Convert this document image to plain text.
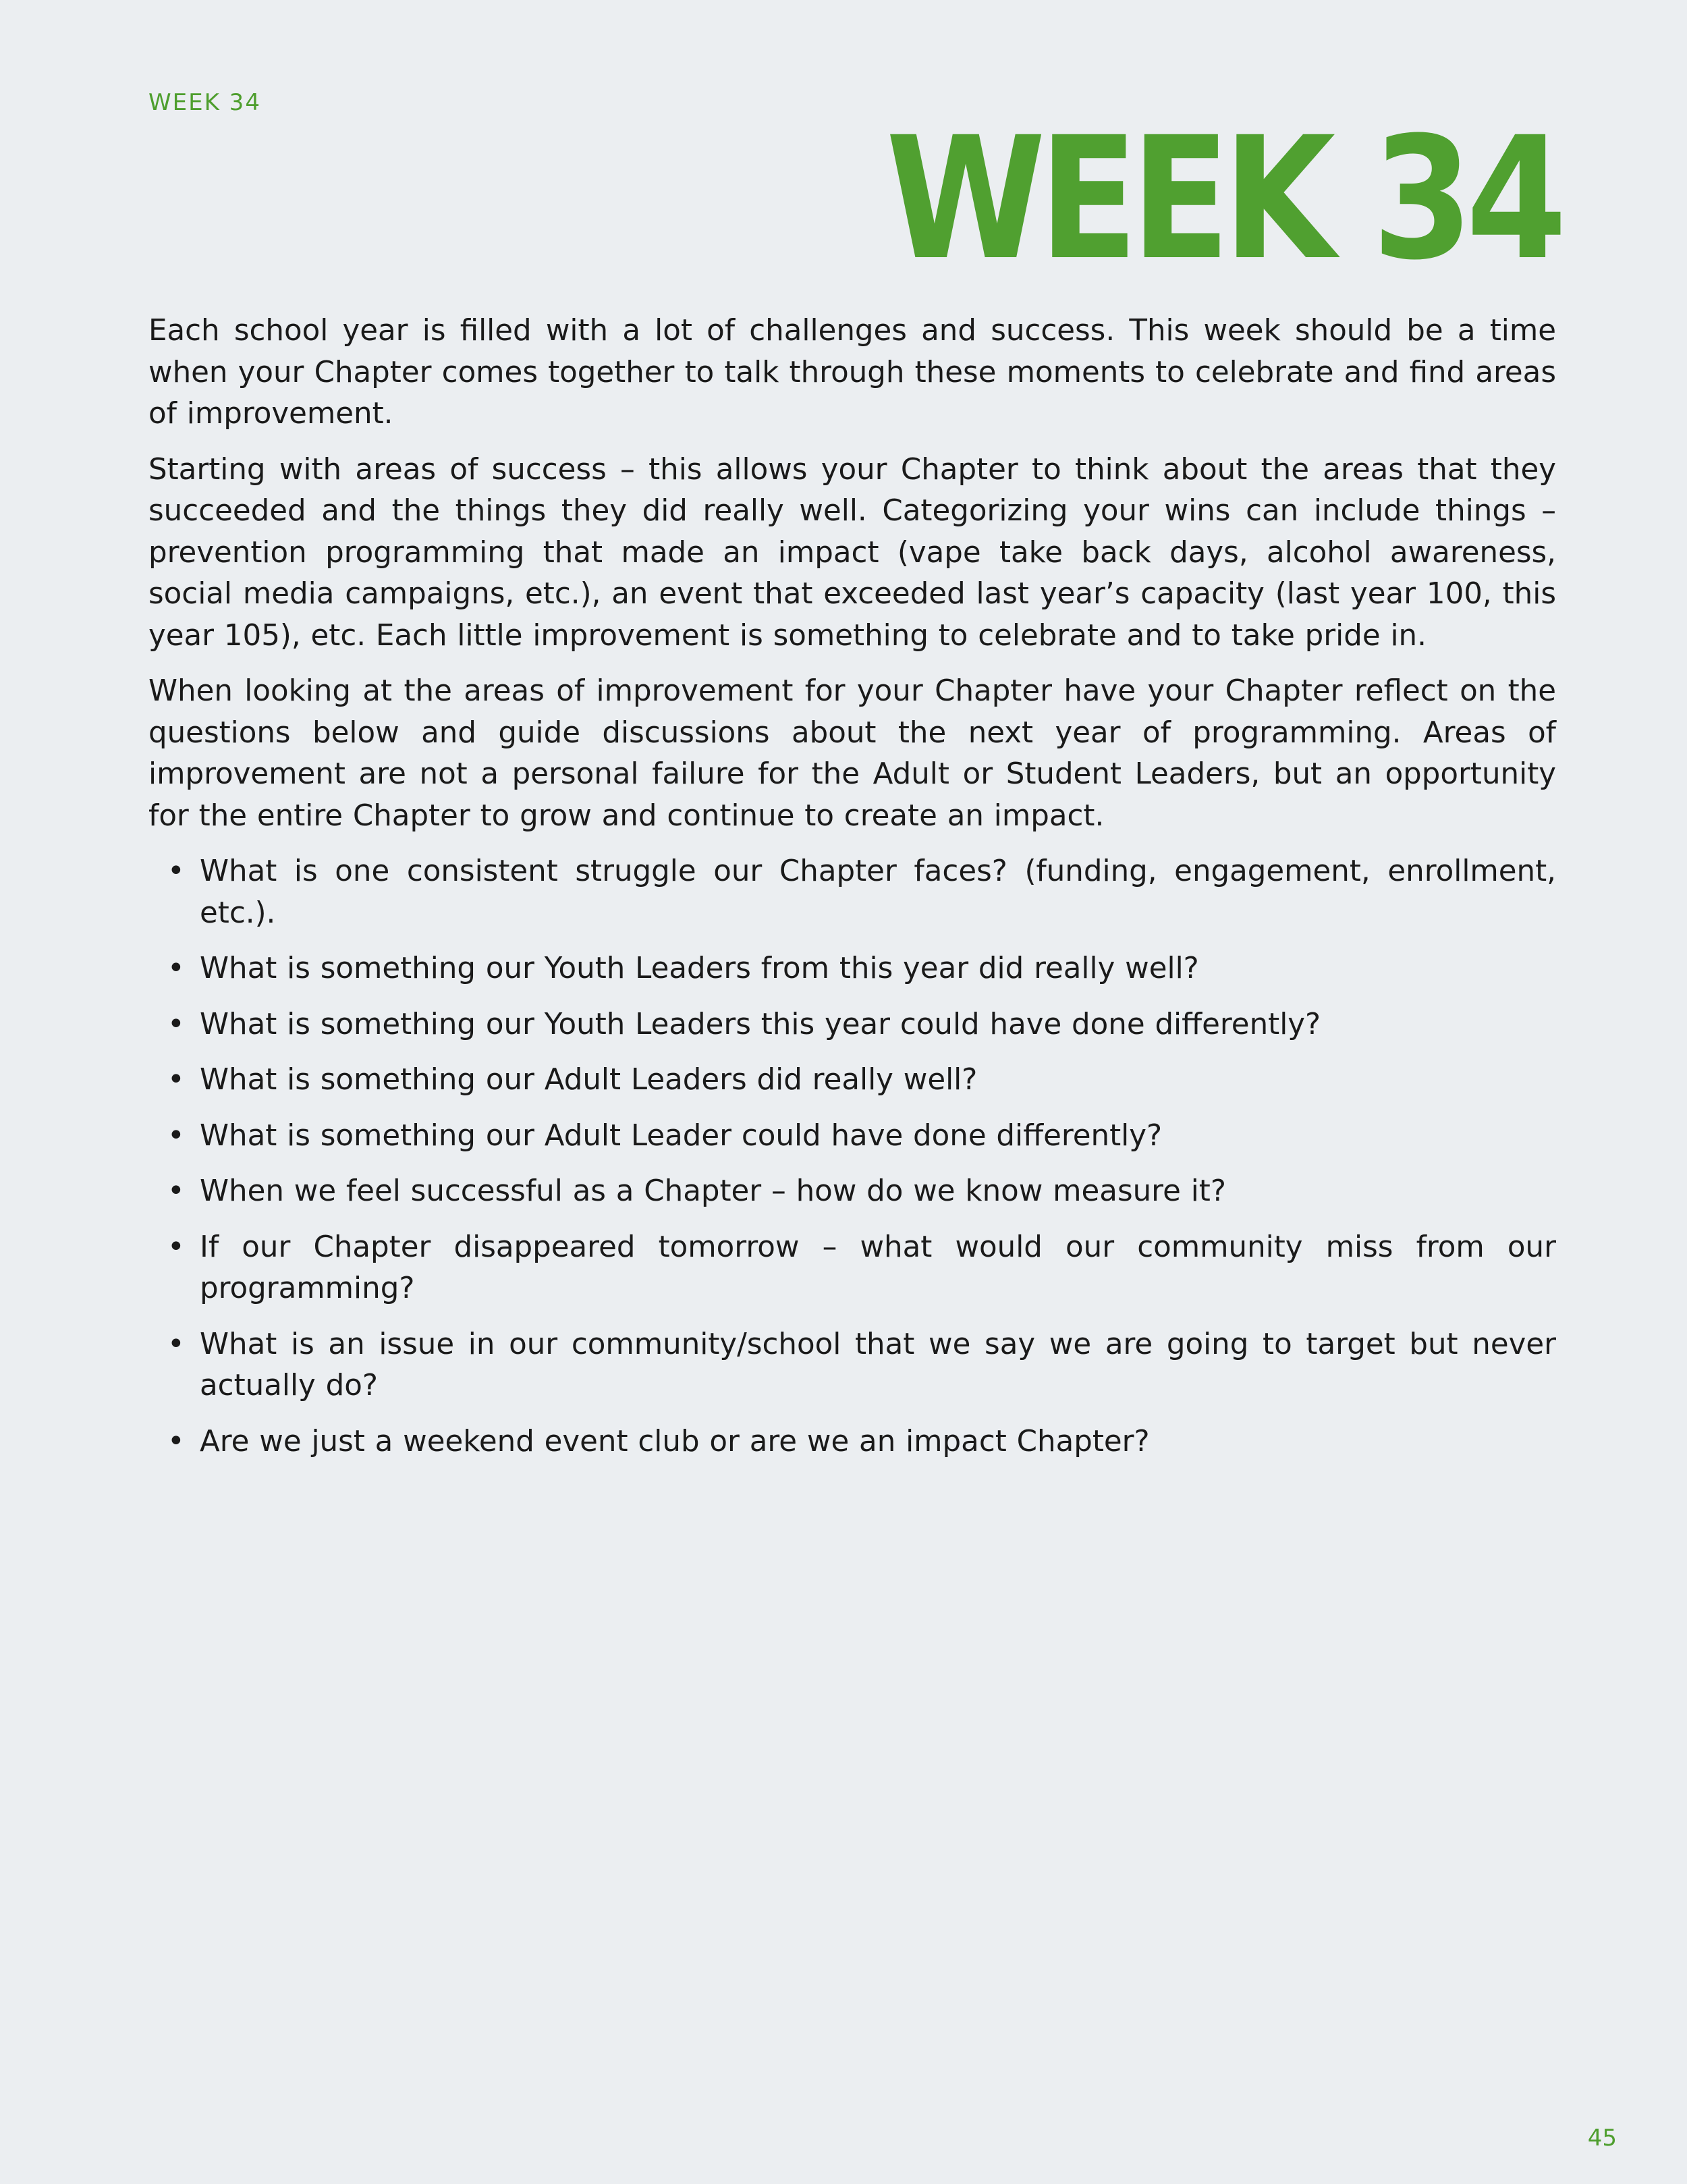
WEEK 34	WEEK 34

Each school year is filled with a lot of challenges and success. This week should be a time when your Chapter comes together to talk through these moments to celebrate and find areas of improvement.

Starting with areas of success – this allows your Chapter to think about the areas that they succeeded and the things they did really well. Categorizing your wins can include things – prevention programming that made an impact (vape take back days, alcohol awareness, social media campaigns, etc.), an event that exceeded last year’s capacity (last year 100, this year 105), etc. Each little improvement is something to celebrate and to take pride in.

When looking at the areas of improvement for your Chapter have your Chapter reflect on the questions below and guide discussions about the next year of programming. Areas of improvement are not a personal failure for the Adult or Student Leaders, but an opportunity for the entire Chapter to grow and continue to create an impact.

• What is one consistent struggle our Chapter faces? (funding, engagement, enrollment, etc.).
• What is something our Youth Leaders from this year did really well?
• What is something our Youth Leaders this year could have done differently?
• What is something our Adult Leaders did really well?
• What is something our Adult Leader could have done differently?
• When we feel successful as a Chapter – how do we know measure it?
• If our Chapter disappeared tomorrow – what would our community miss from our programming?
• What is an issue in our community/school that we say we are going to target but never actually do?
• Are we just a weekend event club or are we an impact Chapter?
45
